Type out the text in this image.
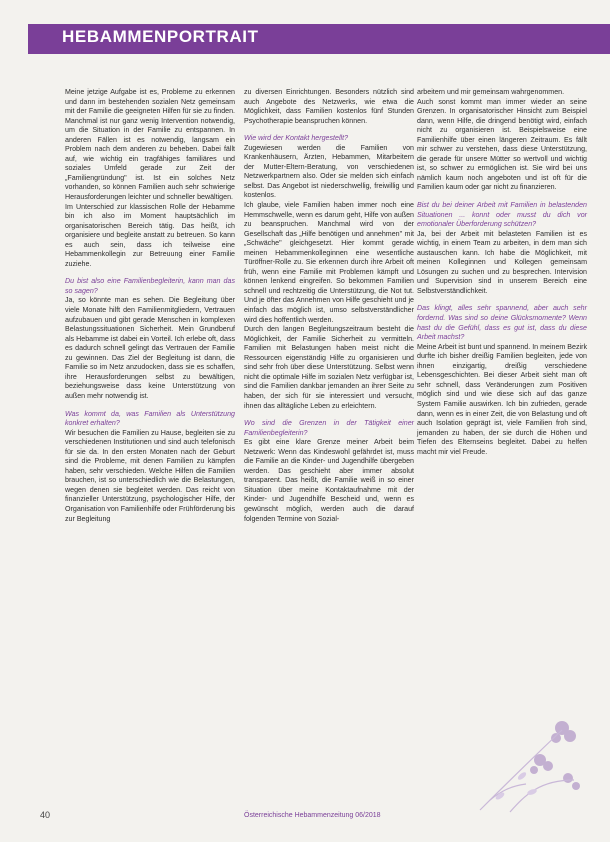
HEBAMMENPORTRAIT

Meine jetzige Aufgabe ist es, Probleme zu erkennen und dann im bestehenden sozialen Netz gemeinsam mit der Familie die geeigneten Hilfen für sie zu finden. Manchmal ist nur ganz wenig Intervention notwendig, um die Situation in der Familie zu entspannen. In anderen Fällen ist es notwendig, langsam ein Problem nach dem anderen zu beheben. Dabei fällt auf, wie wichtig ein tragfähiges familiäres und soziales Umfeld gerade zur Zeit der „Familiengründung" ist. Ist ein solches Netz vorhanden, so können Familien auch sehr schwierige Herausforderungen leichter und schneller bewältigen.

Im Unterschied zur klassischen Rolle der Hebamme bin ich also im Moment hauptsächlich im organisatorischen Bereich tätig. Das heißt, ich organisiere und begleite anstatt zu betreuen. So kann es auch sein, dass ich teilweise eine Hebammenkollegin zur Betreuung einer Familie zuziehe.

Du bist also eine Familienbegleiterin, kann man das so sagen?

Ja, so könnte man es sehen. Die Begleitung über viele Monate hilft den Familienmitgliedern, Vertrauen aufzubauen und gibt gerade Menschen in komplexen Belastungssituationen Sicherheit. Mein Grundberuf als Hebamme ist dabei ein Vorteil. Ich erlebe oft, dass es dadurch schnell gelingt das Vertrauen der Familie zu gewinnen. Das Ziel der Begleitung ist dann, die Familie so im Netz anzudocken, dass sie es schaffen, ihre Herausforderungen selbst zu bewältigen, beziehungsweise dass keine Unterstützung von außen mehr notwendig ist.

Was kommt da, was Familien als Unterstützung konkret erhalten?

Wir besuchen die Familien zu Hause, begleiten sie zu verschiedenen Institutionen und sind auch telefonisch für sie da. In den ersten Monaten nach der Geburt sind die Probleme, mit denen Familien zu kämpfen haben, sehr verschieden. Welche Hilfen die Familien brauchen, ist so unterschiedlich wie die Belastungen, wegen denen sie begleitet werden. Das reicht von finanzieller Unterstützung, psychologischer Hilfe, der Organisation von Familienhilfe oder Frühförderung bis zur Begleitung

zu diversen Einrichtungen. Besonders nützlich sind auch Angebote des Netzwerks, wie etwa die Möglichkeit, dass Familien kostenlos fünf Stunden Psychotherapie beanspruchen können.

Wie wird der Kontakt hergestellt?

Zugewiesen werden die Familien von Krankenhäusern, Ärzten, Hebammen, Mitarbeitern der Mutter-Eltern-Beratung, von verschiedenen Netzwerkpartnern also. Oder sie melden sich einfach selbst. Das Angebot ist niederschwellig, freiwillig und kostenlos.

Ich glaube, viele Familien haben immer noch eine Hemmschwelle, wenn es darum geht, Hilfe von außen zu beanspruchen. Manchmal wird von der Gesellschaft das „Hilfe benötigen und annehmen" mit „Schwäche" gleichgesetzt. Hier kommt gerade meinen Hebammenkolleginnen eine wesentliche Türöffner-Rolle zu. Sie erkennen durch ihre Arbeit oft früh, wenn eine Familie mit Problemen kämpft und können lenkend eingreifen. So bekommen Familien schnell und rechtzeitig die Unterstützung, die Not tut. Und je öfter das Annehmen von Hilfe geschieht und je einfach das möglich ist, umso selbstverständlicher wird dies hoffentlich werden.

Durch den langen Begleitungszeitraum besteht die Möglichkeit, der Familie Sicherheit zu vermitteln. Familien mit Belastungen haben meist nicht die Ressourcen eigenständig Hilfe zu organisieren und sind sehr froh über diese Unterstützung. Selbst wenn nicht die optimale Hilfe im sozialen Netz verfügbar ist, sind die Familien dankbar jemanden an ihrer Seite zu haben, der sich für sie interessiert und versucht, ihnen das alltägliche Leben zu erleichtern.

Wo sind die Grenzen in der Tätigkeit einer Familienbegleiterin?

Es gibt eine klare Grenze meiner Arbeit beim Netzwerk: Wenn das Kindeswohl gefährdet ist, muss die Familie an die Kinder- und Jugendhilfe übergeben werden. Das geschieht aber immer absolut transparent. Das heißt, die Familie weiß in so einer Situation über meine Kontaktaufnahme mit der Kinder- und Jugendhilfe Bescheid und, wenn es gewünscht möglich, werden auch die darauf folgenden Termine von Sozial-

arbeitern und mir gemeinsam wahrgenommen.

Auch sonst kommt man immer wieder an seine Grenzen. In organisatorischer Hinsicht zum Beispiel dann, wenn Hilfe, die dringend benötigt wird, einfach nicht zu organisieren ist. Beispielsweise eine Familienhilfe über einen längeren Zeitraum. Es fällt mir schwer zu verstehen, dass diese Unterstützung, die gerade für unsere Mütter so wertvoll und wichtig ist, so schwer zu ermöglichen ist. Sie wird bei uns nämlich kaum noch angeboten und ist oft für die Familien kaum oder gar nicht zu finanzieren.

Bist du bei deiner Arbeit mit Familien in belastenden Situationen ... konnt oder musst du dich vor emotionaler Überforderung schützen?

Ja, bei der Arbeit mit belasteten Familien ist es wichtig, in einem Team zu arbeiten, in dem man sich austauschen kann. Ich habe die Möglichkeit, mit meinen Kolleginnen und Kollegen gemeinsam Lösungen zu suchen und zu besprechen. Intervision und Supervision sind in unserem Bereich eine Selbstverständlichkeit.

Das klingt, alles sehr spannend, aber auch sehr fordernd. Was sind so deine Glücksmomente? Wenn hast du die Gefühl, dass es gut ist, dass du diese Arbeit machst?

Meine Arbeit ist bunt und spannend. In meinem Bezirk durfte ich bisher dreißig Familien begleiten, jede von ihnen einzigartig, dreißig verschiedene Lebensgeschichten. Bei dieser Arbeit sieht man oft sehr schnell, dass Veränderungen zum Positiven möglich sind und wie diese sich auf das ganze System Familie auswirken. Ich bin zufrieden, gerade dann, wenn es in einer Zeit, die von Belastung und oft auch Isolation geprägt ist, viele Familien froh sind, jemanden zu haben, der sie durch die Höhen und Tiefen des Elternseins begleitet. Dabei zu helfen macht mir viel Freude.

40	Österreichische Hebammenzeitung 06/2018
